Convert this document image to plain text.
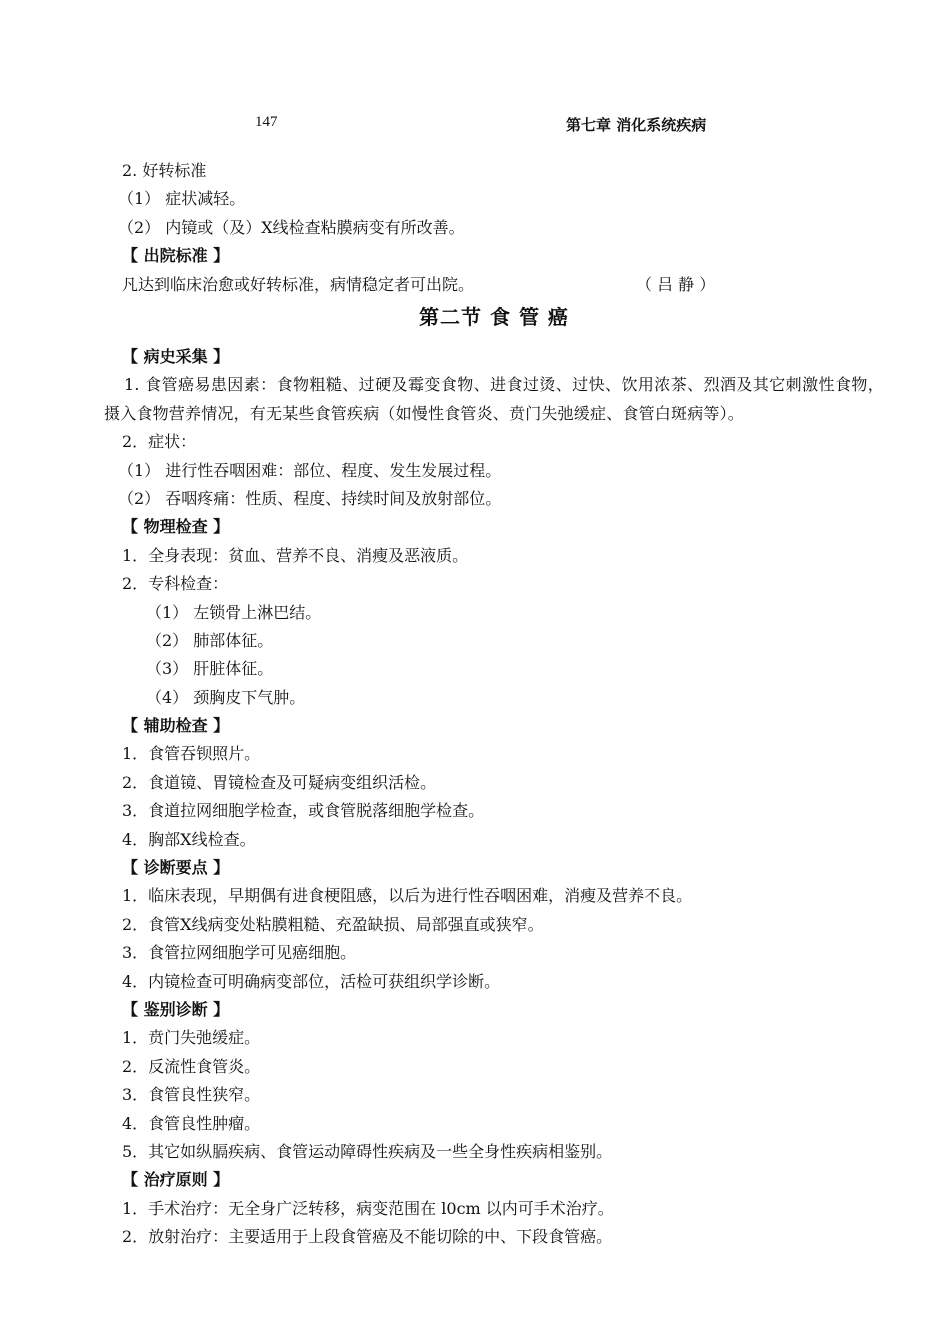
147	第七章 消化系统疾病
2. 好转标准
（1） 症状减轻。
（2） 内镜或（及）X线检查粘膜病变有所改善。
【 出院标准 】
凡达到临床治愈或好转标准，病情稳定者可出院。	（ 吕 静 ）
第二节 食 管 癌
【 病史采集 】
1. 食管癌易患因素：食物粗糙、过硬及霉变食物、进食过烫、过快、饮用浓茶、烈酒及其它刺激性食物，摄入食物营养情况，有无某些食管疾病（如慢性食管炎、贲门失弛缓症、食管白斑病等）。
2．症状：
（1） 进行性吞咽困难：部位、程度、发生发展过程。
（2） 吞咽疼痛：性质、程度、持续时间及放射部位。
【 物理检查 】
1．全身表现：贫血、营养不良、消瘦及恶液质。
2．专科检查：
（1） 左锁骨上淋巴结。
（2） 肺部体征。
（3） 肝脏体征。
（4） 颈胸皮下气肿。
【 辅助检查 】
1．食管吞钡照片。
2．食道镜、胃镜检查及可疑病变组织活检。
3．食道拉网细胞学检查，或食管脱落细胞学检查。
4．胸部X线检查。
【 诊断要点 】
1．临床表现，早期偶有进食梗阻感，以后为进行性吞咽困难，消瘦及营养不良。
2．食管X线病变处粘膜粗糙、充盈缺损、局部强直或狭窄。
3．食管拉网细胞学可见癌细胞。
4．内镜检查可明确病变部位，活检可获组织学诊断。
【 鉴别诊断 】
1．贲门失弛缓症。
2．反流性食管炎。
3．食管良性狭窄。
4．食管良性肿瘤。
5．其它如纵膈疾病、食管运动障碍性疾病及一些全身性疾病相鉴别。
【 治疗原则 】
1．手术治疗：无全身广泛转移，病变范围在 l0cm 以内可手术治疗。
2．放射治疗：主要适用于上段食管癌及不能切除的中、下段食管癌。
